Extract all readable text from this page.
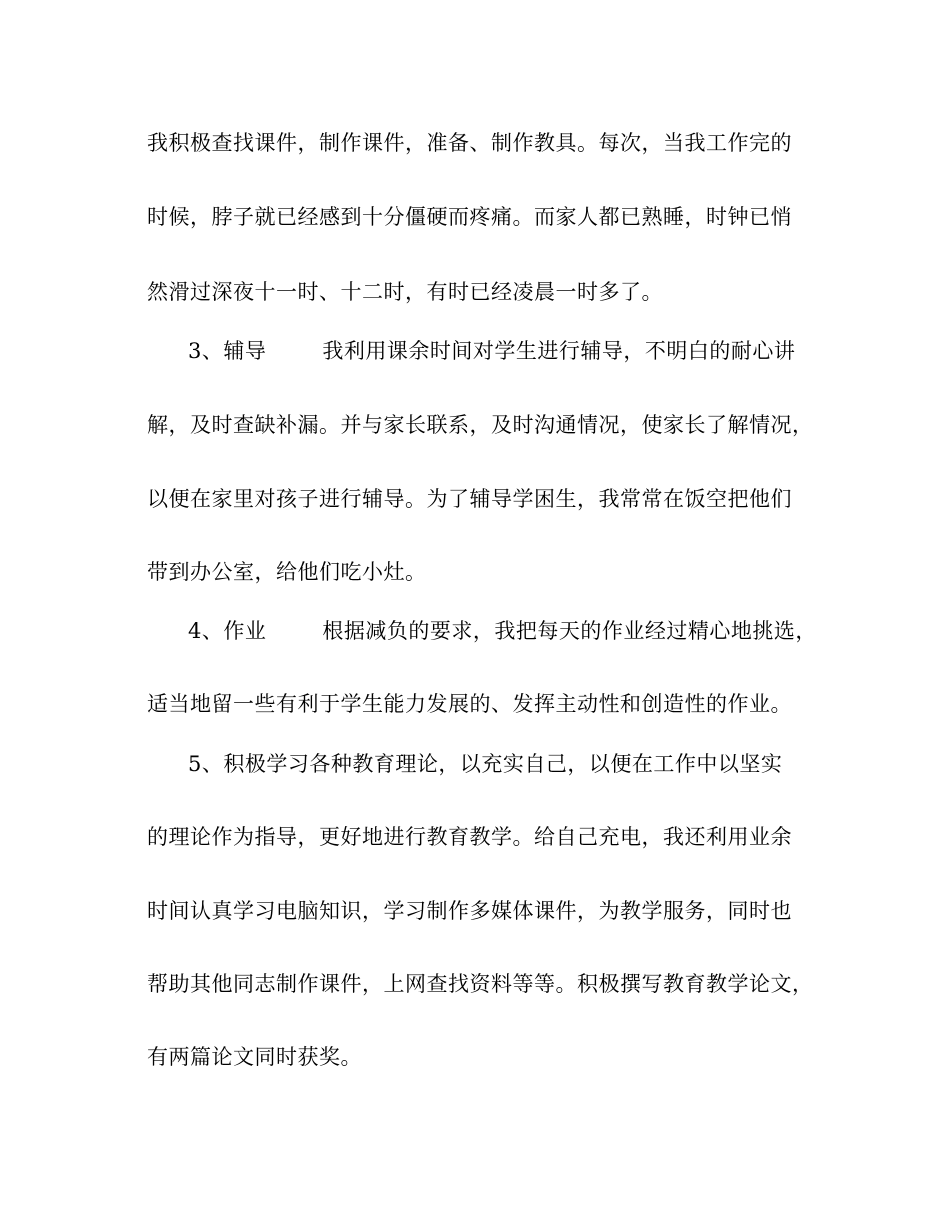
我积极查找课件，制作课件，准备、制作教具。每次，当我工作完的
时候，脖子就已经感到十分僵硬而疼痛。而家人都已熟睡，时钟已悄
然滑过深夜十一时、十二时，有时已经凌晨一时多了。
3、辅导	我利用课余时间对学生进行辅导，不明白的耐心讲
解，及时查缺补漏。并与家长联系，及时沟通情况，使家长了解情况，
以便在家里对孩子进行辅导。为了辅导学困生，我常常在饭空把他们
带到办公室，给他们吃小灶。
4、作业	根据减负的要求，我把每天的作业经过精心地挑选，
适当地留一些有利于学生能力发展的、发挥主动性和创造性的作业。
5、积极学习各种教育理论，以充实自己，以便在工作中以坚实
的理论作为指导，更好地进行教育教学。给自己充电，我还利用业余
时间认真学习电脑知识，学习制作多媒体课件，为教学服务，同时也
帮助其他同志制作课件，上网查找资料等等。积极撰写教育教学论文，
有两篇论文同时获奖。
